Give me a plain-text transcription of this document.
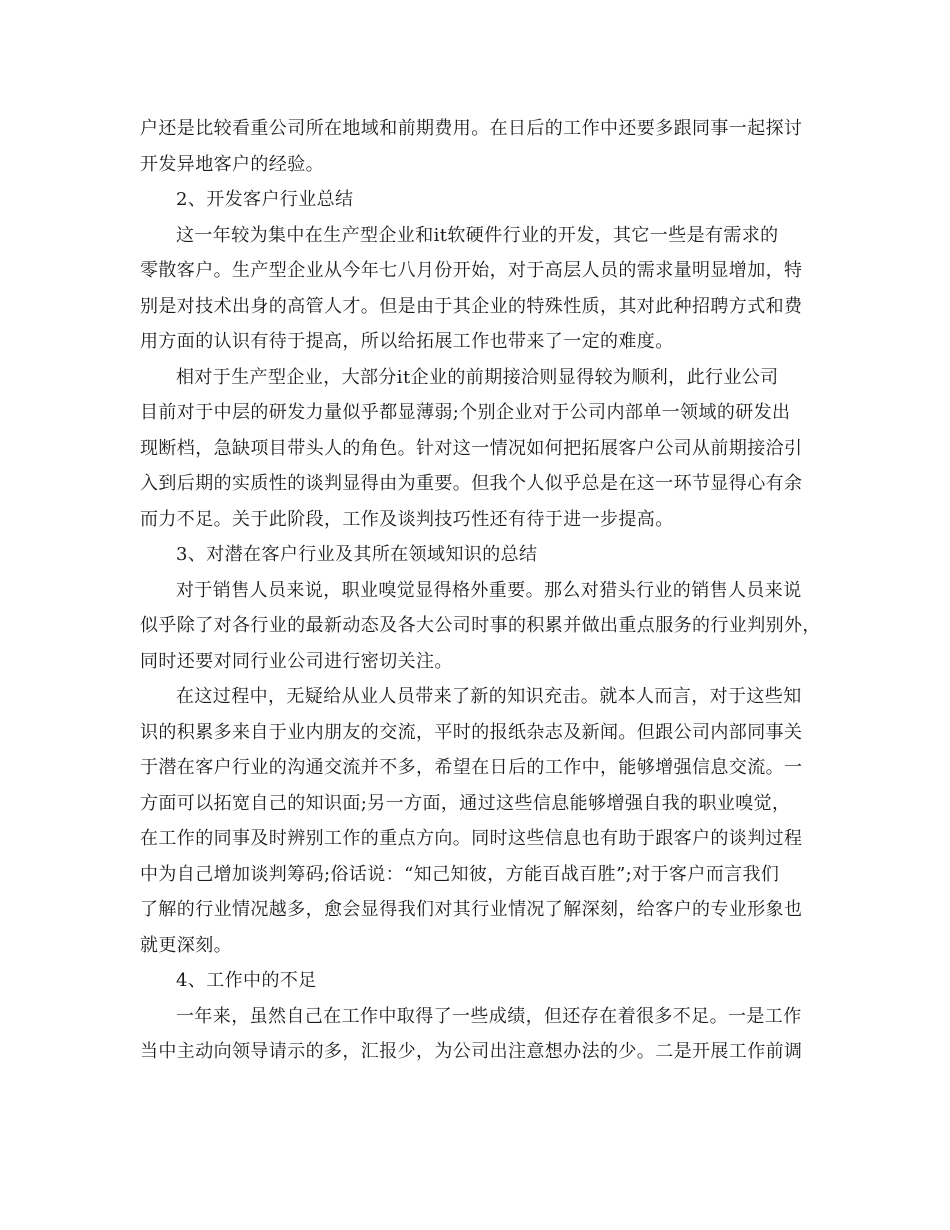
户还是比较看重公司所在地域和前期费用。在日后的工作中还要多跟同事一起探讨
开发异地客户的经验。
2、开发客户行业总结
这一年较为集中在生产型企业和it软硬件行业的开发，其它一些是有需求的
零散客户。生产型企业从今年七八月份开始，对于高层人员的需求量明显增加，特
别是对技术出身的高管人才。但是由于其企业的特殊性质，其对此种招聘方式和费
用方面的认识有待于提高，所以给拓展工作也带来了一定的难度。
相对于生产型企业，大部分it企业的前期接洽则显得较为顺利，此行业公司
目前对于中层的研发力量似乎都显薄弱;个别企业对于公司内部单一领域的研发出
现断档，急缺项目带头人的角色。针对这一情况如何把拓展客户公司从前期接洽引
入到后期的实质性的谈判显得由为重要。但我个人似乎总是在这一环节显得心有余
而力不足。关于此阶段，工作及谈判技巧性还有待于进一步提高。
3、对潜在客户行业及其所在领域知识的总结
对于销售人员来说，职业嗅觉显得格外重要。那么对猎头行业的销售人员来说
似乎除了对各行业的最新动态及各大公司时事的积累并做出重点服务的行业判别外，
同时还要对同行业公司进行密切关注。
在这过程中，无疑给从业人员带来了新的知识充击。就本人而言，对于这些知
识的积累多来自于业内朋友的交流，平时的报纸杂志及新闻。但跟公司内部同事关
于潜在客户行业的沟通交流并不多，希望在日后的工作中，能够增强信息交流。一
方面可以拓宽自己的知识面;另一方面，通过这些信息能够增强自我的职业嗅觉，
在工作的同事及时辨别工作的重点方向。同时这些信息也有助于跟客户的谈判过程
中为自己增加谈判筹码;俗话说：“知己知彼，方能百战百胜”;对于客户而言我们
了解的行业情况越多，愈会显得我们对其行业情况了解深刻，给客户的专业形象也
就更深刻。
4、工作中的不足
一年来，虽然自己在工作中取得了一些成绩，但还存在着很多不足。一是工作
当中主动向领导请示的多，汇报少，为公司出注意想办法的少。二是开展工作前调
